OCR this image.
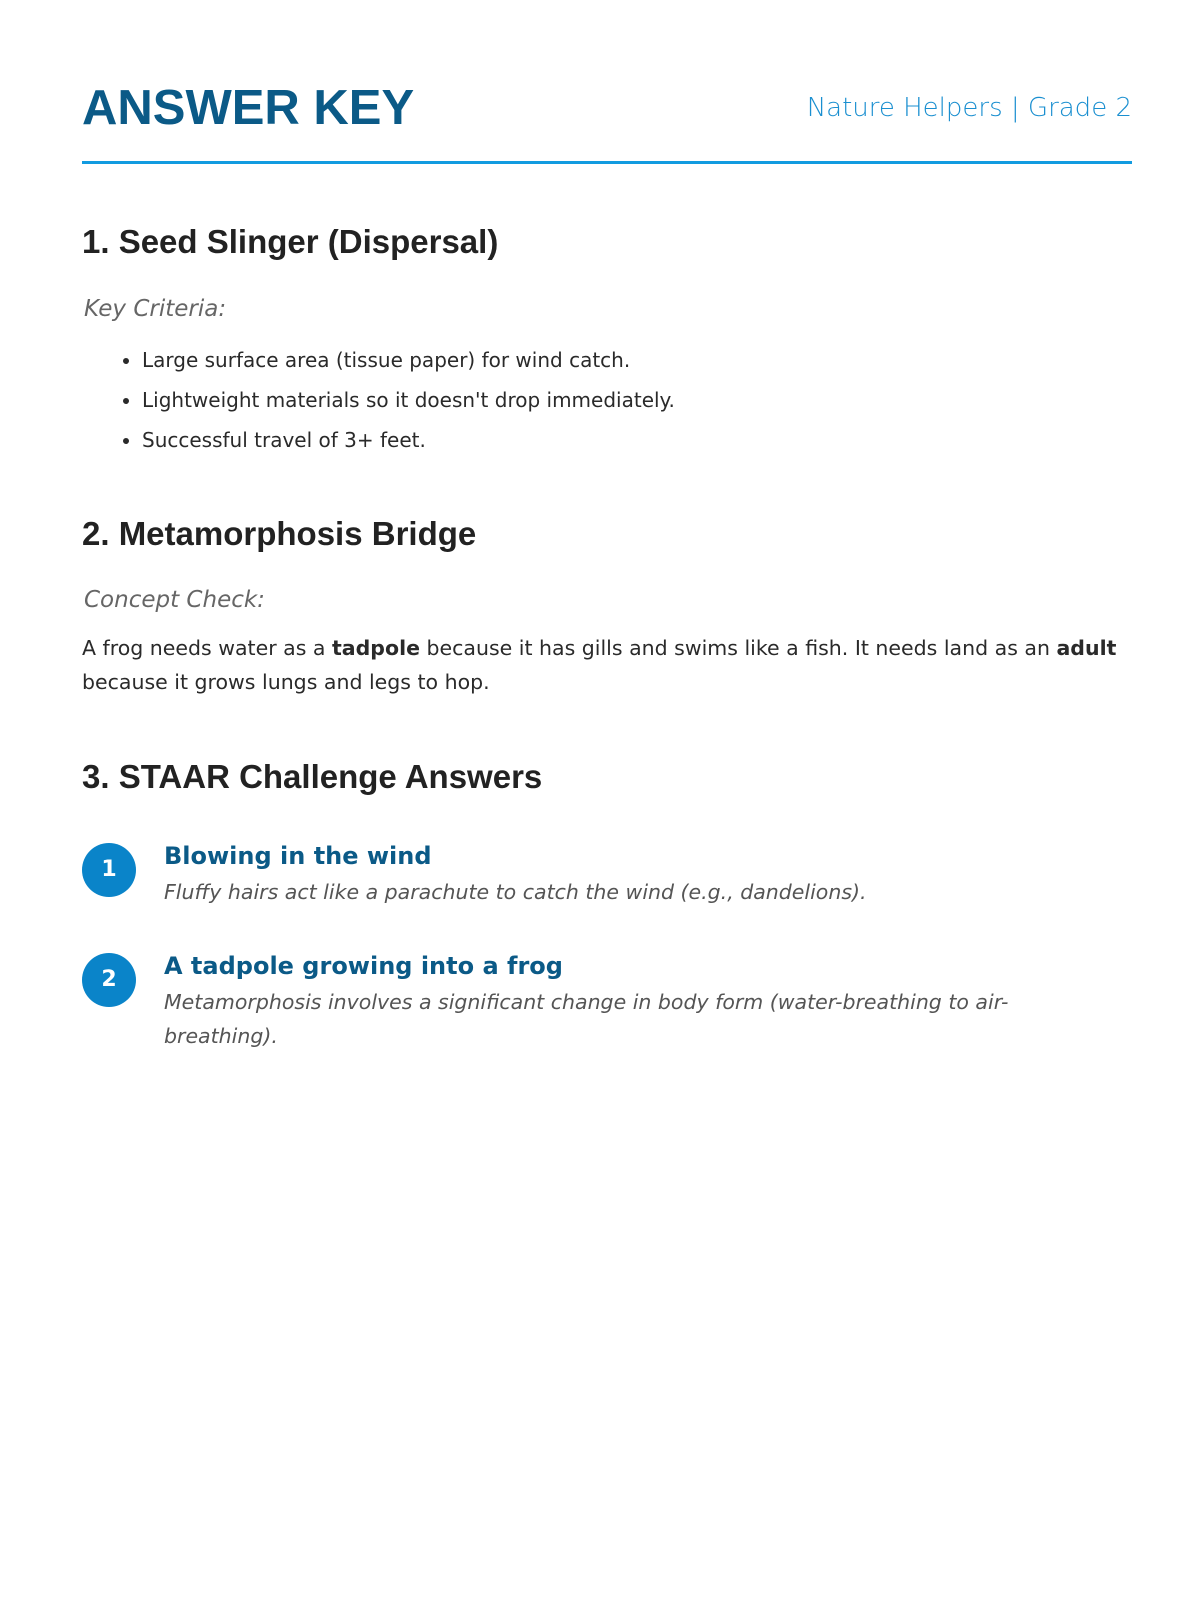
ANSWER KEY	Nature Helpers | Grade 2
1. Seed Slinger (Dispersal)
Key Criteria:
• Large surface area (tissue paper) for wind catch.
• Lightweight materials so it doesn't drop immediately.
• Successful travel of 3+ feet.
2. Metamorphosis Bridge
Concept Check:
A frog needs water as a tadpole because it has gills and swims like a fish. It needs land as an adult because it grows lungs and legs to hop.
3. STAAR Challenge Answers
1	Blowing in the wind
Fluffy hairs act like a parachute to catch the wind (e.g., dandelions).
2	A tadpole growing into a frog
Metamorphosis involves a significant change in body form (water-breathing to air-breathing).
